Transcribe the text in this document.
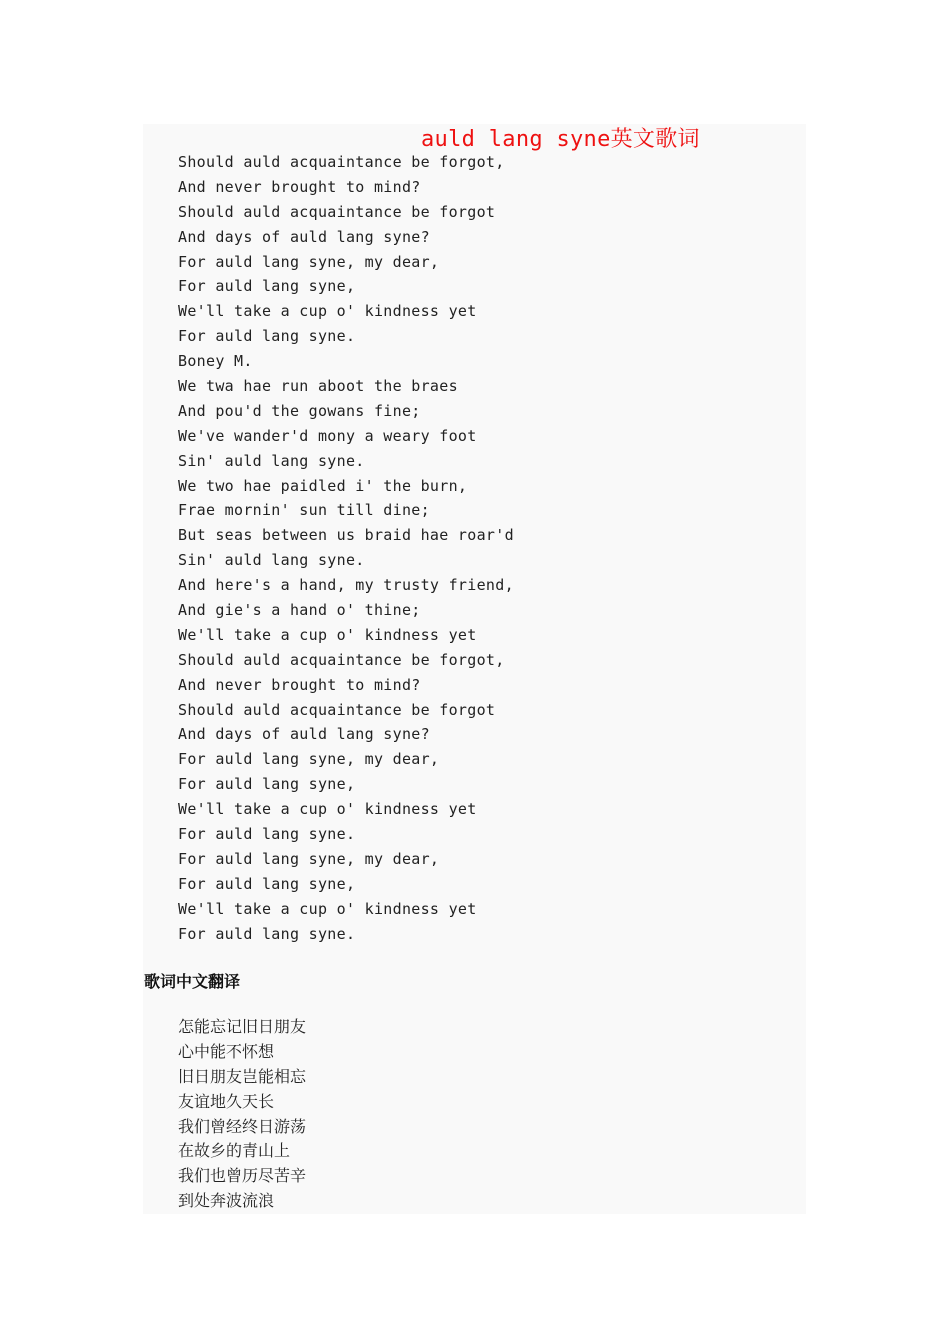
auld lang syne英文歌词
Should auld acquaintance be forgot,
And never brought to mind?
Should auld acquaintance be forgot
And days of auld lang syne?
For auld lang syne, my dear,
For auld lang syne,
We'll take a cup o' kindness yet
For auld lang syne.
Boney M.
We twa hae run aboot the braes
And pou'd the gowans fine;
We've wander'd mony a weary foot
Sin' auld lang syne.
We two hae paidled i' the burn,
Frae mornin' sun till dine;
But seas between us braid hae roar'd
Sin' auld lang syne.
And here's a hand, my trusty friend,
And gie's a hand o' thine;
We'll take a cup o' kindness yet
Should auld acquaintance be forgot,
And never brought to mind?
Should auld acquaintance be forgot
And days of auld lang syne?
For auld lang syne, my dear,
For auld lang syne,
We'll take a cup o' kindness yet
For auld lang syne.
For auld lang syne, my dear,
For auld lang syne,
We'll take a cup o' kindness yet
For auld lang syne.
歌词中文翻译
怎能忘记旧日朋友
心中能不怀想
旧日朋友岂能相忘
友谊地久天长
我们曾经终日游荡
在故乡的青山上
我们也曾历尽苦辛
到处奔波流浪
